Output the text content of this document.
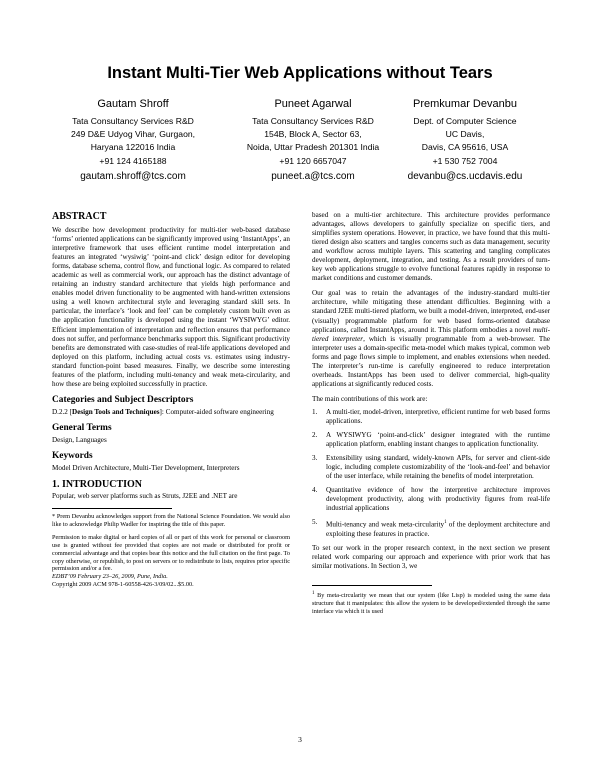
Instant Multi-Tier Web Applications without Tears
Gautam Shroff
Tata Consultancy Services R&D
249 D&E Udyog Vihar, Gurgaon,
Haryana 122016 India
+91 124 4165188
gautam.shroff@tcs.com
Puneet Agarwal
Tata Consultancy Services R&D
154B, Block A, Sector 63,
Noida, Uttar Pradesh 201301 India
+91 120 6657047
puneet.a@tcs.com
Premkumar Devanbu
Dept. of Computer Science
UC Davis,
Davis, CA 95616, USA
+1 530 752 7004
devanbu@cs.ucdavis.edu
ABSTRACT

We describe how development productivity for multi-tier web-based database ‘forms’ oriented applications can be significantly improved using ‘InstantApps’, an interpretive framework that uses efficient runtime model interpretation and features an integrated ‘wysiwig’ ‘point-and click’ design editor for developing forms, database schema, control flow, and functional logic. As compared to related academic as well as commercial work, our approach has the distinct advantage of retaining an industry standard architecture that yields high performance and enables model driven functionality to be augmented with hand-written extensions using a well known architectural style and leveraging standard skill sets. In particular, the interface’s ‘look and feel’ can be completely custom built even as the application functionality is developed using the instant ‘WYSIWYG’ editor. Efficient implementation of interpretation and reflection ensures that performance does not suffer, and performance benchmarks support this. Significant productivity benefits are demonstrated with case-studies of real-life applications developed and deployed on this platform, including actual costs vs. estimates using industry-standard function-point based measures. Finally, we describe some interesting features of the platform, including multi-tenancy and weak meta-circularity, and how these are being exploited successfully in practice.

Categories and Subject Descriptors

D.2.2 [Design Tools and Techniques]: Computer-aided software engineering

General Terms

Design, Languages

Keywords

Model Driven Architecture, Multi-Tier Development, Interpreters

1. INTRODUCTION

Popular, web server platforms such as Struts, J2EE and .NET are

* Prem Devanbu acknowledges support from the National Science Foundation. We would also like to acknowledge Philip Wadler for inspiring the title of this paper.

Permission to make digital or hard copies of all or part of this work for personal or classroom use is granted without fee provided that copies are not made or distributed for profit or commercial advantage and that copies bear this notice and the full citation on the first page. To copy otherwise, or republish, to post on servers or to redistribute to lists, requires prior specific permission and/or a fee.

EDBT’09 February 23–26, 2009, Pune, India.

Copyright 2009 ACM 978-1-60558-426-3/09/02...$5.00.

based on a multi-tier architecture. This architecture provides performance advantages, allows developers to gainfully specialize on specific tiers, and simplifies system operations. However, in practice, we have found that this multi-tiered design also scatters and tangles concerns such as data management, security and workflow across multiple layers. This scattering and tangling complicates development, deployment, integration, and testing. As a result providers of turn-key web applications struggle to evolve functional features rapidly in response to market conditions and customer demands.

Our goal was to retain the advantages of the industry-standard multi-tier architecture, while mitigating these attendant difficulties. Beginning with a standard J2EE multi-tiered platform, we built a model-driven, interpreted, end-user (visually) programmable platform for web based forms-oriented database applications, called InstantApps, around it. This platform embodies a novel multi-tiered interpreter, which is visually programmable from a web-browser. The interpreter uses a domain-specific meta-model which makes typical, common web forms and page flows simple to implement, and enables extensions when needed. The interpreter’s run-time is carefully engineered to reduce interpretation overheads. InstantApps has been used to deliver commercial, high-quality applications at significantly reduced costs.

The main contributions of this work are:

1.	A multi-tier, model-driven, interpretive, efficient runtime for web based forms applications.
2.	A WYSIWYG ‘point-and-click’ designer integrated with the runtime application platform, enabling instant changes to application functionality.
3.	Extensibility using standard, widely-known APIs, for server and client-side logic, including complete customizability of the ‘look-and-feel’ and behavior of the user interface, while retaining the benefits of model interpretation.
4.	Quantitative evidence of how the interpretive architecture improves development productivity, along with productivity figures from real-life industrial applications
5.	Multi-tenancy and weak meta-circularity$^1$ of the deployment architecture and exploiting these features in practice.

To set our work in the proper research context, in the next section we present related work comparing our approach and experience with prior work that has similar motivations. In Section 3, we

$^1$ By meta-circularity we mean that our system (like Lisp) is modeled using the same data structure that it manipulates: this allow the system to be developed/extended through the same interface via which it is used

3
